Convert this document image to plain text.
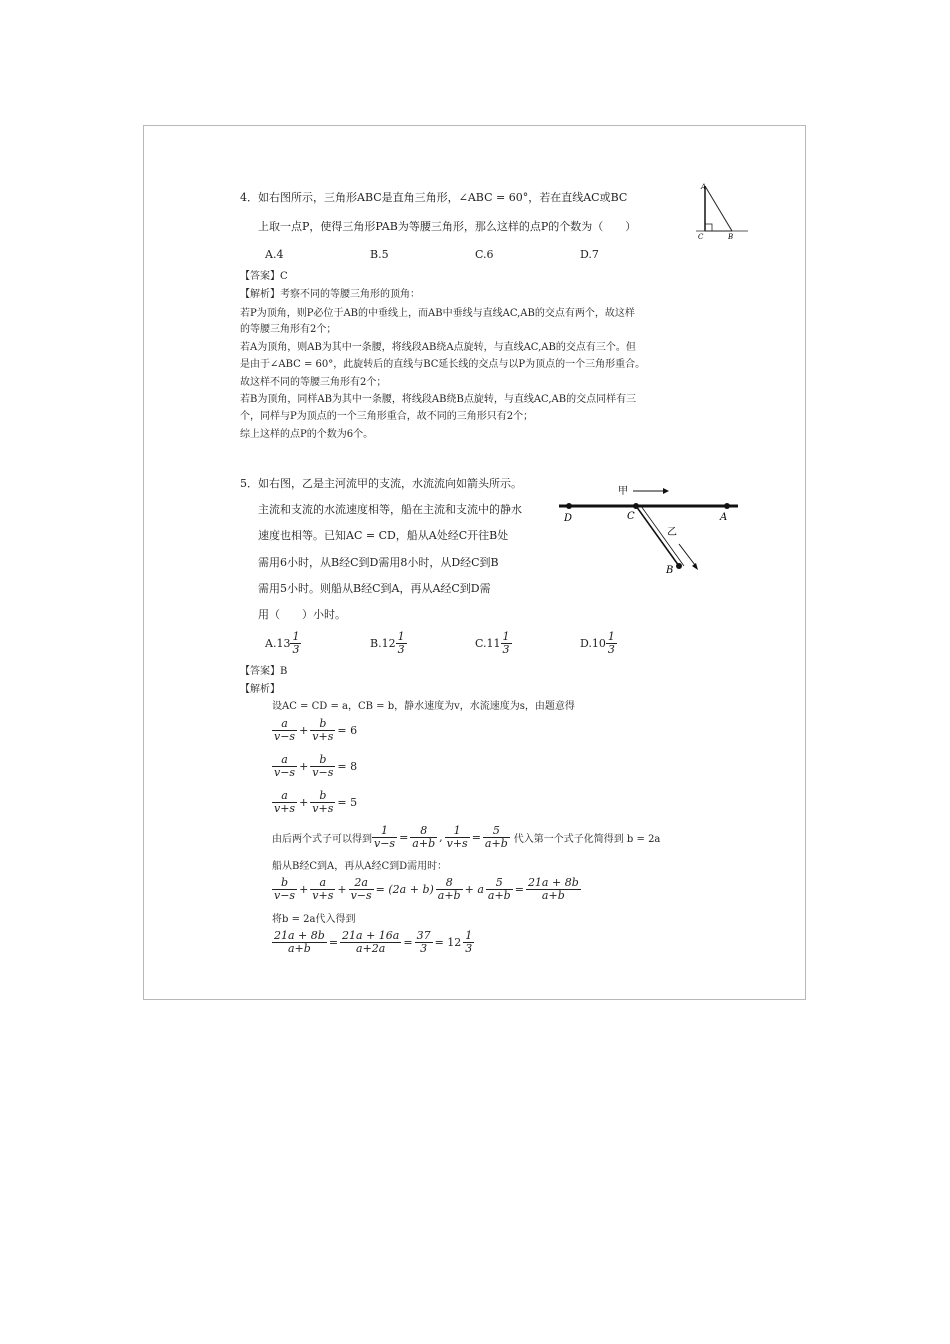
4．如右图所示，三角形ABC是直角三角形，∠ABC = 60°，若在直线AC或BC
上取一点P，使得三角形PAB为等腰三角形，那么这样的点P的个数为（　　）
A
C	B
A.4	B.5	C.6	D.7
【答案】C
【解析】考察不同的等腰三角形的顶角：
若P为顶角，则P必位于AB的中垂线上，而AB中垂线与直线AC,AB的交点有两个，故这样
的等腰三角形有2个；
若A为顶角，则AB为其中一条腰，将线段AB绕A点旋转，与直线AC,AB的交点有三个。但
是由于∠ABC = 60°，此旋转后的直线与BC延长线的交点与以P为顶点的一个三角形重合。
故这样不同的等腰三角形有2个；
若B为顶角，同样AB为其中一条腰，将线段AB绕B点旋转，与直线AC,AB的交点同样有三
个，同样与P为顶点的一个三角形重合，故不同的三角形只有2个；
综上这样的点P的个数为6个。
5．如右图，乙是主河流甲的支流，水流流向如箭头所示。
主流和支流的水流速度相等，船在主流和支流中的静水
速度也相等。已知AC = CD，船从A处经C开往B处
需用6小时，从B经C到D需用8小时，从D经C到B
需用5小时。则船从B经C到A，再从A经C到D需
用（　　）小时。
甲
D	C	A
B
乙
$A.13 \frac{1}{3}$	$B.12 \frac{1}{3}$	$C.11 \frac{1}{3}$	$D.10 \frac{1}{3}$
【答案】B
【解析】
设AC = CD = a，CB = b，静水速度为v，水流速度为s，由题意得
$\frac{a}{v-s} + \frac{b}{v+s} = 6$
$\frac{a}{v-s} + \frac{b}{v-s} = 8$
$\frac{a}{v+s} + \frac{b}{v+s} = 5$
由后两个式子可以得到 $\frac{1}{v-s} = \frac{8}{a+b}$ , $\frac{1}{v+s} = \frac{5}{a+b}$ 代入第一个式子化简得到 b = 2a
船从B经C到A，再从A经C到D需用时：
$\frac{b}{v-s} + \frac{a}{v+s} + \frac{2a}{v-s} = (2a + b) \frac{8}{a+b} + a \frac{5}{a+b} = \frac{21a + 8b}{a+b}$
将b = 2a代入得到
$\frac{21a + 8b}{a+b} = \frac{21a + 16a}{a+2a} = \frac{37}{3} = 12 \frac{1}{3}$
